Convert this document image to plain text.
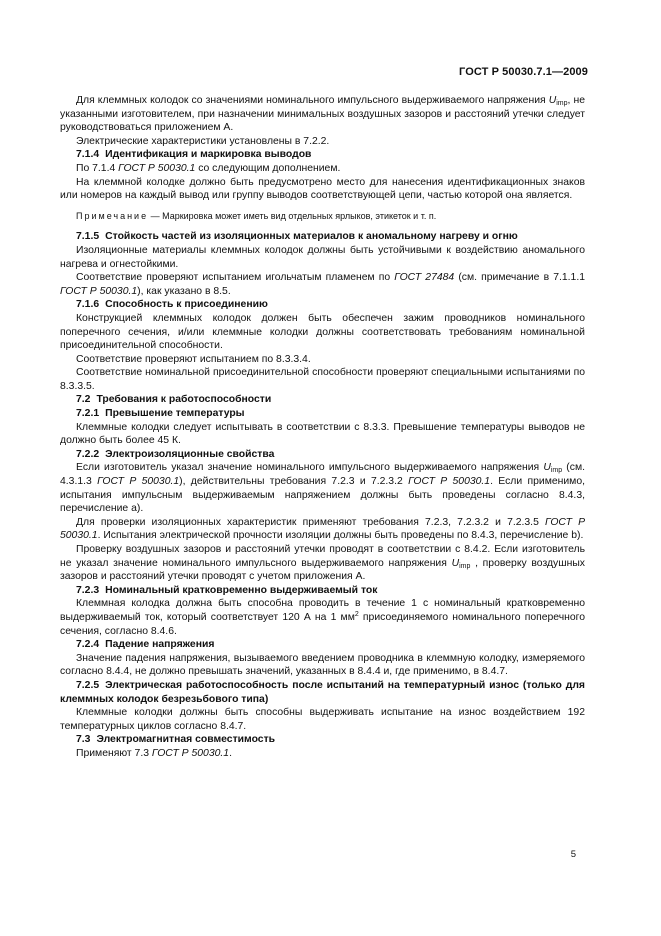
ГОСТ Р 50030.7.1—2009

Для клеммных колодок со значениями номинального импульсного выдерживаемого напряжения $U_{imp}$, не указанными изготовителем, при назначении минимальных воздушных зазоров и расстояний утечки следует руководствоваться приложением А.

Электрические характеристики установлены в 7.2.2.

7.1.4 Идентификация и маркировка выводов

По 7.1.4 ГОСТ Р 50030.1 со следующим дополнением.

На клеммной колодке должно быть предусмотрено место для нанесения идентификационных знаков или номеров на каждый вывод или группу выводов соответствующей цепи, частью которой она является.

Примечание — Маркировка может иметь вид отдельных ярлыков, этикеток и т. п.

7.1.5 Стойкость частей из изоляционных материалов к аномальному нагреву и огню

Изоляционные материалы клеммных колодок должны быть устойчивыми к воздействию аномального нагрева и огнестойкими.

Соответствие проверяют испытанием игольчатым пламенем по ГОСТ 27484 (см. примечание в 7.1.1.1 ГОСТ Р 50030.1), как указано в 8.5.

7.1.6 Способность к присоединению

Конструкцией клеммных колодок должен быть обеспечен зажим проводников номинального поперечного сечения, и/или клеммные колодки должны соответствовать требованиям номинальной присоединительной способности.

Соответствие проверяют испытанием по 8.3.3.4.

Соответствие номинальной присоединительной способности проверяют специальными испытаниями по 8.3.3.5.

7.2 Требования к работоспособности

7.2.1 Превышение температуры

Клеммные колодки следует испытывать в соответствии с 8.3.3. Превышение температуры выводов не должно быть более 45 К.

7.2.2 Электроизоляционные свойства

Если изготовитель указал значение номинального импульсного выдерживаемого напряжения $U_{imp}$ (см. 4.3.1.3 ГОСТ Р 50030.1), действительны требования 7.2.3 и 7.2.3.2 ГОСТ Р 50030.1. Если применимо, испытания импульсным выдерживаемым напряжением должны быть проведены согласно 8.4.3, перечисление а).

Для проверки изоляционных характеристик применяют требования 7.2.3, 7.2.3.2 и 7.2.3.5 ГОСТ Р 50030.1. Испытания электрической прочности изоляции должны быть проведены по 8.4.3, перечисление b).

Проверку воздушных зазоров и расстояний утечки проводят в соответствии с 8.4.2. Если изготовитель не указал значение номинального импульсного выдерживаемого напряжения $U_{imp}$ , проверку воздушных зазоров и расстояний утечки проводят с учетом приложения А.

7.2.3 Номинальный кратковременно выдерживаемый ток

Клеммная колодка должна быть способна проводить в течение 1 с номинальный кратковременно выдерживаемый ток, который соответствует 120 А на 1 $мм^2$ присоединяемого номинального поперечного сечения, согласно 8.4.6.

7.2.4 Падение напряжения

Значение падения напряжения, вызываемого введением проводника в клеммную колодку, измеряемого согласно 8.4.4, не должно превышать значений, указанных в 8.4.4 и, где применимо, в 8.4.7.

7.2.5 Электрическая работоспособность после испытаний на температурный износ (только для клеммных колодок безрезьбового типа)

Клеммные колодки должны быть способны выдерживать испытание на износ воздействием 192 температурных циклов согласно 8.4.7.

7.3 Электромагнитная совместимость

Применяют 7.3 ГОСТ Р 50030.1.

5
